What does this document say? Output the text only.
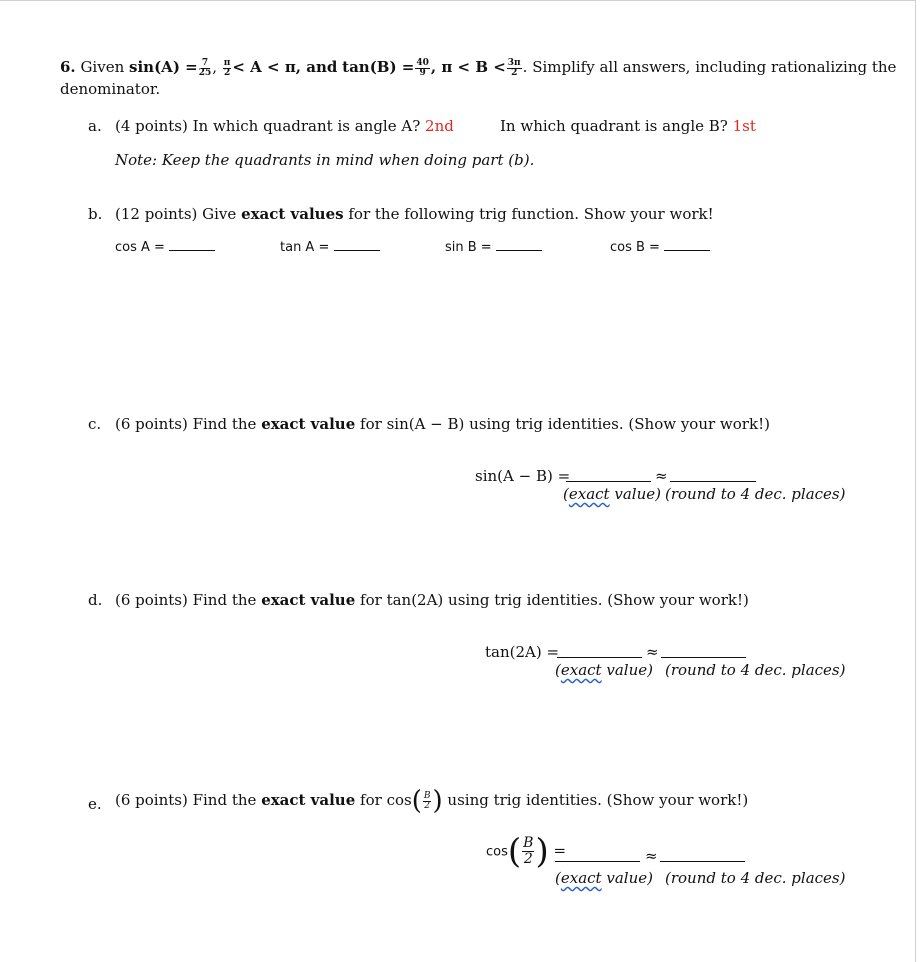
6. Given $\sin(A) = \frac{7}{25}$ , $\frac{\pi}{2} < A < \pi$, and $\tan(B) = \frac{40}{9}$ , $\pi < B < \frac{3\pi}{2}$ . Simplify all answers, including rationalizing the
denominator.
a. (4 points) In which quadrant is angle A? 2nd	In which quadrant is angle B? 1st
Note: Keep the quadrants in mind when doing part (b).
b. (12 points) Give exact values for the following trig function. Show your work!
cos A =	tan A =	sin B =	cos B =
c. (6 points) Find the exact value for sin(A − B) using trig identities. (Show your work!)
sin(A − B) =	≈
(exact value) (round to 4 dec. places)
d. (6 points) Find the exact value for tan(2A) using trig identities. (Show your work!)
tan(2A) =	≈
(exact value) (round to 4 dec. places)
e. (6 points) Find the exact value for $\cos( \frac{B}{2}$ ) using trig identities. (Show your work!)
$\cos( \frac{B}{2}$ ) =	≈
(exact value) (round to 4 dec. places)
